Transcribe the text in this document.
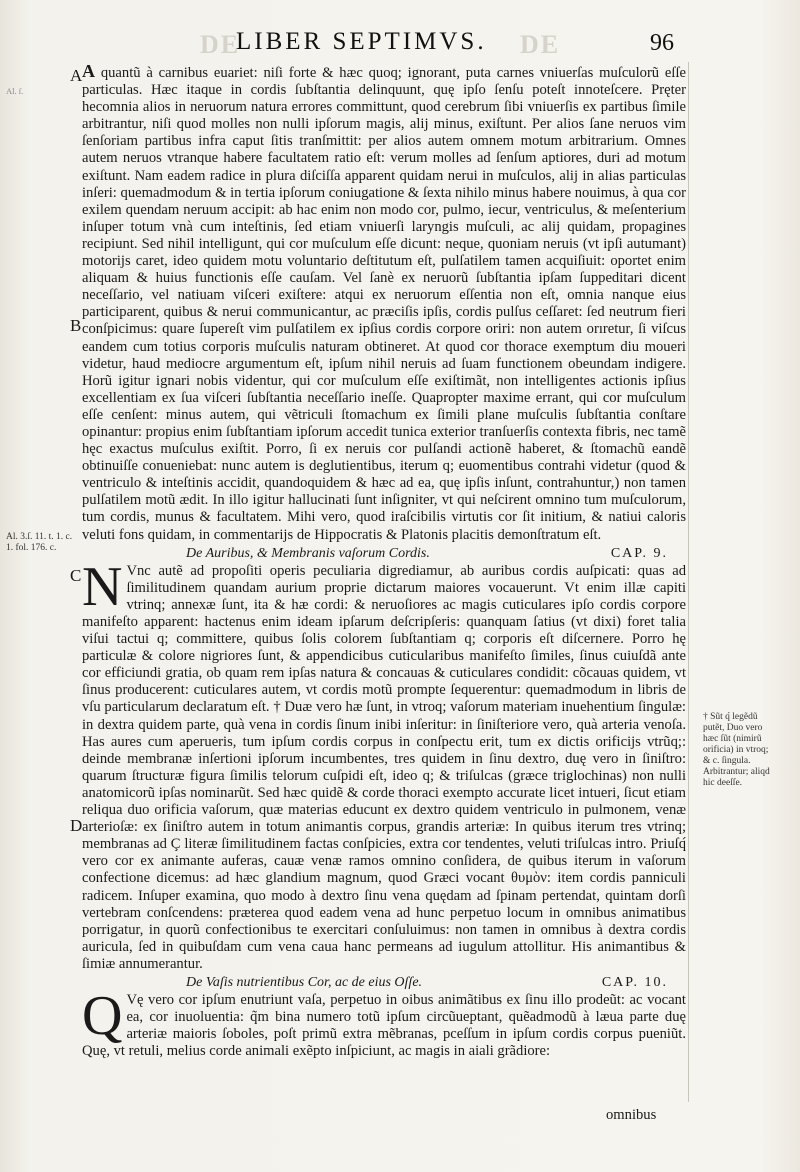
DE	DE
LIBER SEPTIMVS.	96
Al. ſ.
Al. 3.ſ. 11. t. 1. c. 1. fol. 176. c.
† Sũt q́ legẽdũ putẽt, Duo vero hæc ſũt (nimirũ orificia) in vtroq; & c. ſingula. Arbitrantur; aliqd hic deeſſe.
A
B
C
D

A quantũ à carnibus euariet: niſi forte & hæc quoq; ignorant, puta carnes vniuerſas muſculorũ eſſe particulas. Hæc itaque in cordis ſubſtantia delinquunt, quę ipſo ſenſu poteſt innoteſcere. Pręter hecomnia alios in neruorum natura errores committunt, quod cerebrum ſibi vniuerſis ex partibus ſimile arbitrantur, niſi quod molles non nulli ipſorum magis, alij minus, exiſtunt. Per alios ſane neruos vim ſenſoriam partibus infra caput ſitis tranſmittit: per alios autem omnem motum arbitrarium. Omnes autem neruos vtranque habere facultatem ratio eſt: verum molles ad ſenſum aptiores, duri ad motum exiſtunt. Nam eadem radice in plura diſciſſa apparent quidam nerui in muſculos, alij in alias particulas inſeri: quemadmodum & in tertia ipſorum coniugatione & ſexta nihilo minus habere nouimus, à qua cor exilem quendam neruum accipit: ab hac enim non modo cor, pulmo, iecur, ventriculus, & meſenterium inſuper totum vnà cum inteſtinis, ſed etiam vniuerſi laryngis muſculi, ac alij quidam, propagines recipiunt. Sed nihil intelligunt, qui cor muſculum eſſe dicunt: neque, quoniam neruis (vt ipſi autumant) motorijs caret, ideo quidem motu voluntario deſtitutum eſt, pulſatilem tamen acquiſiuit: oportet enim aliquam & huius functionis eſſe cauſam. Vel ſanè ex neruorũ ſubſtantia ipſam ſuppeditari dicent neceſſario, vel natiuam viſceri exiſtere: atqui ex neruorum eſſentia non eſt, omnia nanque eius participarent, quibus & nerui communicantur, ac præciſis ipſis, cordis pulſus ceſſaret: ſed neutrum fieri conſpicimus: quare ſupereſt vim pulſatilem ex ipſius cordis corpore oriri: non autem orıretur, ſi viſcus eandem cum totius corporis muſculis naturam obtineret. At quod cor thorace exemptum diu moueri videtur, haud mediocre argumentum eſt, ipſum nihil neruis ad ſuam functionem obeundam indigere. Horũ igitur ignari nobis videntur, qui cor muſculum eſſe exiſtimãt, non intelligentes actionis ipſius excellentiam ex ſua viſceri ſubſtantia neceſſario ineſſe. Quapropter maxime errant, qui cor muſculum eſſe cenſent: minus autem, qui vẽtriculi ſtomachum ex ſimili plane muſculis ſubſtantia conſtare opinantur: propius enim ſubſtantiam ipſorum accedit tunica exterior tranſuerſis contexta fibris, nec tamẽ hęc exactus muſculus exiſtit. Porro, ſi ex neruis cor pulſandi actionẽ haberet, & ſtomachũ eandẽ obtinuiſſe conueniebat: nunc autem is deglutientibus, iterum q; euomentibus contrahi videtur (quod & ventriculo & inteſtinis accidit, quandoquidem & hæc ad ea, quę ipſis inſunt, contrahuntur,) non tamen pulſatilem motũ ædit. In illo igitur hallucinati ſunt inſigniter, vt qui neſcirent omnino tum muſculorum, tum cordis, munus & facultatem. Mihi vero, quod iraſcibilis virtutis cor ſit initium, & natiui caloris veluti fons quidam, in commentarijs de Hippocratis & Platonis placitis demonſtratum eſt.

De Auribus, & Membranis vaſorum Cordis.	CAP. 9.

N Vnc autẽ ad propoſiti operis peculiaria digrediamur, ab auribus cordis auſpicati: quas ad ſimilitudinem quandam aurium proprie dictarum maiores vocauerunt. Vt enim illæ capiti vtrinq; annexæ ſunt, ita & hæ cordi: & neruoſiores ac magis cuticulares ipſo cordis corpore manifeſto apparent: hactenus enim ideam ipſarum deſcripſeris: quanquam ſatius (vt dixi) foret talia viſui tactui q; committere, quibus ſolis colorem ſubſtantiam q; corporis eſt diſcernere. Porro hę particulæ & colore nigriores ſunt, & appendicibus cuticularibus manifeſto ſimiles, ſinus cuiuſdã ante cor efficiundi gratia, ob quam rem ipſas natura & concauas & cuticulares condidit: cõcauas quidem, vt ſinus producerent: cuticulares autem, vt cordis motũ prompte ſequerentur: quemadmodum in libris de vſu particularum declaratum eſt. † Duæ vero hæ ſunt, in vtroq; vaſorum materiam inuehentium ſingulæ: in dextra quidem parte, quà vena in cordis ſinum inibi inſeritur: in ſiniſteriore vero, quà arteria venoſa. Has aures cum aperueris, tum ipſum cordis corpus in conſpectu erit, tum ex dictis orificijs vtrũq;: deinde membranæ inſertioni ipſorum incumbentes, tres quidem in ſinu dextro, duę vero in ſiniſtro: quarum ſtructuræ figura ſimilis telorum cuſpidi eſt, ideo q; & triſulcas (græce triglochinas) non nulli anatomicorũ ipſas nominarũt. Sed hæc quidẽ & corde thoraci exempto accurate licet intueri, ſicut etiam reliqua duo orificia vaſorum, quæ materias educunt ex dextro quidem ventriculo in pulmonem, venæ arterioſæ: ex ſiniſtro autem in totum animantis corpus, grandis arteriæ: In quibus iterum tres vtrinq; membranas ad Ç literæ ſimilitudinem factas conſpicies, extra cor tendentes, veluti triſulcas intro. Priuſq́ vero cor ex animante auferas, cauæ venæ ramos omnino conſidera, de quibus iterum in vaſorum confectione dicemus: ad hæc glandium magnum, quod Græci vocant θυμὸν: item cordis panniculi radicem. Inſuper examina, quo modo à dextro ſinu vena quędam ad ſpinam pertendat, quintam dorſi vertebram conſcendens: præterea quod eadem vena ad hunc perpetuo locum in omnibus animatibus porrigatur, in quorũ confectionibus te exercitari conſuluimus: non tamen in omnibus à dextra cordis auricula, ſed in quibuſdam cum vena caua hanc permeans ad iugulum attollitur. His animantibus & ſimiæ annumerantur.

De Vaſis nutrientibus Cor, ac de eius Oſſe.	CAP. 10.

Q Vę vero cor ipſum enutriunt vaſa, perpetuo in oibus animãtibus ex ſinu illo prodeũt: ac vocant ea, cor inuoluentia: q̃m bina numero totũ ipſum circũueptant, quẽadmodũ à læua parte duę arteriæ maioris ſoboles, poſt primũ extra mẽbranas, pceſſum in ipſum cordis corpus pueniũt. Quę, vt retuli, melius corde animali exẽpto inſpiciunt, ac magis in aiali grãdiore:

omnibus
